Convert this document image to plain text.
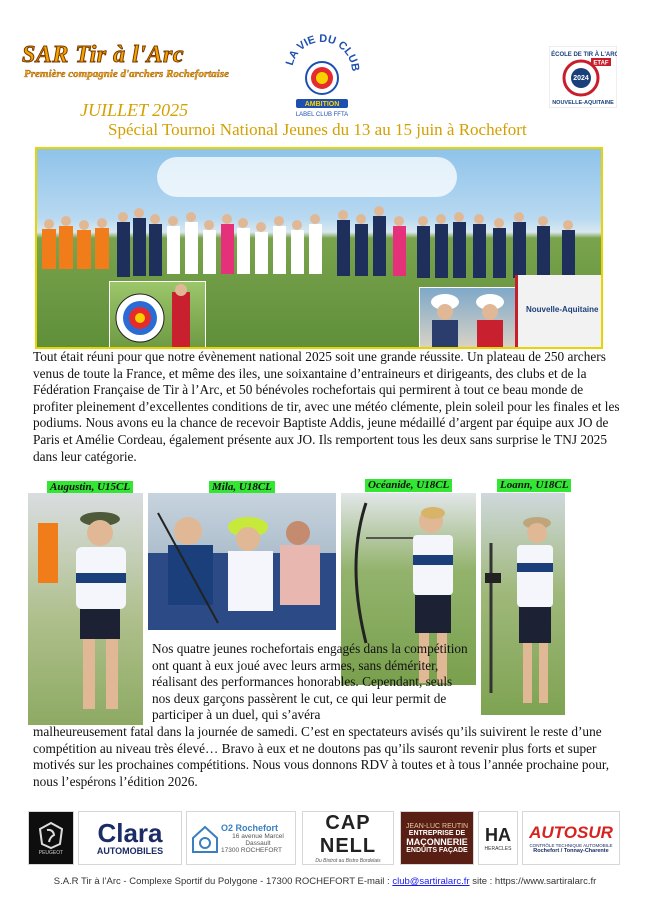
SAR Tir à l'Arc
Première compagnie d'archers Rochefortaise
LA VIE DU CLUB
AMBITION
LABEL CLUB FFTA
ÉCOLE DE TIR À L'ARC
ETAF
2024
NOUVELLE-AQUITAINE
JUILLET 2025
Spécial Tournoi National Jeunes du 13 au 15 juin à Rochefort
Nouvelle-Aquitaine
Tout était réuni pour que notre évènement national 2025 soit une grande réussite. Un plateau de 250 archers venus de toute la France, et même des iles, une soixantaine d’entraineurs et dirigeants, des clubs et de la Fédération Française de Tir à l’Arc, et 50 bénévoles rochefortais qui permirent à tout ce beau monde de profiter pleinement d’excellentes conditions de tir, avec une météo clémente, plein soleil pour les finales et les podiums. Nous avons eu la chance de recevoir Baptiste Addis, jeune médaillé d’argent par équipe aux JO de Paris et Amélie Cordeau, également présente aux JO. Ils remportent tous les deux sans surprise le TNJ 2025 dans leur catégorie.
Augustin, U15CL	Mila, U18CL	Océanide, U18CL	Loann, U18CL
Nos quatre jeunes rochefortais engagés dans la compétition ont quant à eux joué avec leurs armes, sans démériter, réalisant des performances honorables. Cependant, seuls nos deux garçons passèrent le cut, ce qui leur permit de participer à un duel, qui s’avéra
malheureusement fatal dans la journée de samedi. C’est en spectateurs avisés qu’ils suivirent le reste d’une compétition au niveau très élevé… Bravo à eux et ne doutons pas qu’ils sauront revenir plus forts et super motivés sur les prochaines compétitions. Nous vous donnons RDV à toutes et à tous l’année prochaine pour, nous l’espérons l’édition 2026.
PEUGEOT
Clara
AUTOMOBILES
O2 Rochefort
16 avenue Marcel Dassault
17300 ROCHEFORT
CAP NELL
Du Bistrot au Bistro Bordelais
JEAN-LUC REUTIN
ENTREPRISE DE
MAÇONNERIE
ENDUITS FAÇADE
HA
HERACLES
AUTOSUR
CONTRÔLE TECHNIQUE AUTOMOBILE
Rochefort / Tonnay-Charente
S.A.R Tir à l’Arc - Complexe Sportif du Polygone - 17300 ROCHEFORT E-mail : club@sartiralarc.fr site : https://www.sartiralarc.fr
